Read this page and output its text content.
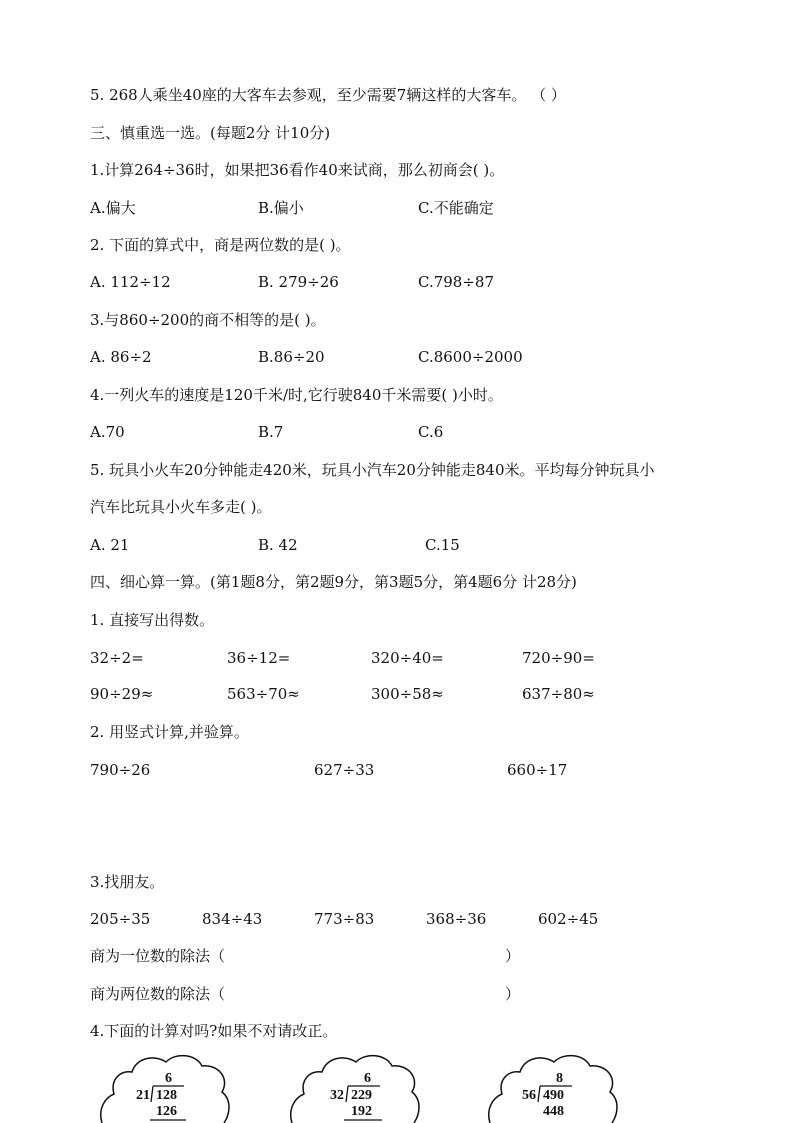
5. 268人乘坐40座的大客车去参观，至少需要7辆这样的大客车。 （ ）
三、慎重选一选。(每题2分 计10分)
1.计算264÷36时，如果把36看作40来试商，那么初商会( )。
A.偏大	B.偏小	C.不能确定
2. 下面的算式中，商是两位数的是( )。
A. 112÷12	B. 279÷26	C.798÷87
3.与860÷200的商不相等的是( )。
A. 86÷2	B.86÷20	C.8600÷2000
4.一列火车的速度是120千米/时,它行驶840千米需要( )小时。
A.70	B.7	C.6
5. 玩具小火车20分钟能走420米，玩具小汽车20分钟能走840米。平均每分钟玩具小
汽车比玩具小火车多走( )。
A. 21	B. 42	C.15
四、细心算一算。(第1题8分，第2题9分，第3题5分，第4题6分 计28分)
1. 直接写出得数。
32÷2=	36÷12=	320÷40=	720÷90=
90÷29≈	563÷70≈	300÷58≈	637÷80≈
2. 用竖式计算,并验算。
790÷26	627÷33	660÷17
3.找朋友。
205÷35	834÷43	773÷83	368÷36	602÷45
商为一位数的除法（	）
商为两位数的除法（	）
4.下面的计算对吗?如果不对请改正。
6
21 128
126
6
32 229
192
8
56 490
448
